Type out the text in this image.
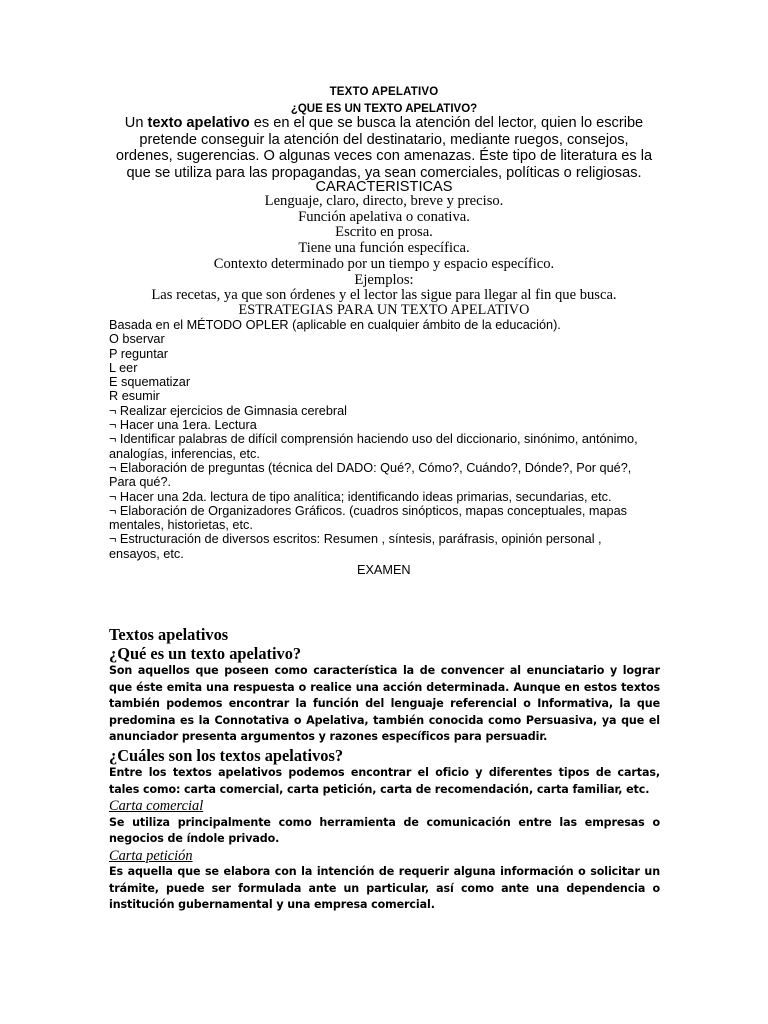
TEXTO APELATIVO
¿QUE ES UN TEXTO APELATIVO?
Un texto apelativo es en el que se busca la atención del lector, quien lo escribe pretende conseguir la atención del destinatario, mediante ruegos, consejos, ordenes, sugerencias. O algunas veces con amenazas. Éste tipo de literatura es la que se utiliza para las propagandas, ya sean comerciales, políticas o religiosas.
CARACTERISTICAS
Lenguaje, claro, directo, breve y preciso.
Función apelativa o conativa.
Escrito en prosa.
Tiene una función específica.
Contexto determinado por un tiempo y espacio específico.
Ejemplos:
Las recetas, ya que son órdenes y el lector las sigue para llegar al fin que busca.
ESTRATEGIAS PARA UN TEXTO APELATIVO
Basada en el MÉTODO OPLER (aplicable en cualquier ámbito de la educación).
O bservar
P reguntar
L eer
E squematizar
R esumir
¬ Realizar ejercicios de Gimnasia cerebral
¬ Hacer una 1era. Lectura
¬ Identificar palabras de difícil comprensión haciendo uso del diccionario, sinónimo, antónimo,
analogías, inferencias, etc.
¬ Elaboración de preguntas (técnica del DADO: Qué?, Cómo?, Cuándo?, Dónde?, Por qué?,
Para qué?.
¬ Hacer una 2da. lectura de tipo analítica; identificando ideas primarias, secundarias, etc.
¬ Elaboración de Organizadores Gráficos. (cuadros sinópticos, mapas conceptuales, mapas
mentales, historietas, etc.
¬ Estructuración de diversos escritos: Resumen , síntesis, paráfrasis, opinión personal ,
ensayos, etc.
EXAMEN
Textos apelativos
¿Qué es un texto apelativo?

Son aquellos que poseen como característica la de convencer al enunciatario y lograr que éste emita una respuesta o realice una acción determinada. Aunque en estos textos también podemos encontrar la función del lenguaje referencial o Informativa, la que predomina es la Connotativa o Apelativa, también conocida como Persuasiva, ya que el anunciador presenta argumentos y razones específicos para persuadir.

¿Cuáles son los textos apelativos?

Entre los textos apelativos podemos encontrar el oficio y diferentes tipos de cartas, tales como: carta comercial, carta petición, carta de recomendación, carta familiar, etc.

Carta comercial

Se utiliza principalmente como herramienta de comunicación entre las empresas o negocios de índole privado.

Carta petición

Es aquella que se elabora con la intención de requerir alguna información o solicitar un trámite, puede ser formulada ante un particular, así como ante una dependencia o institución gubernamental y una empresa comercial.
